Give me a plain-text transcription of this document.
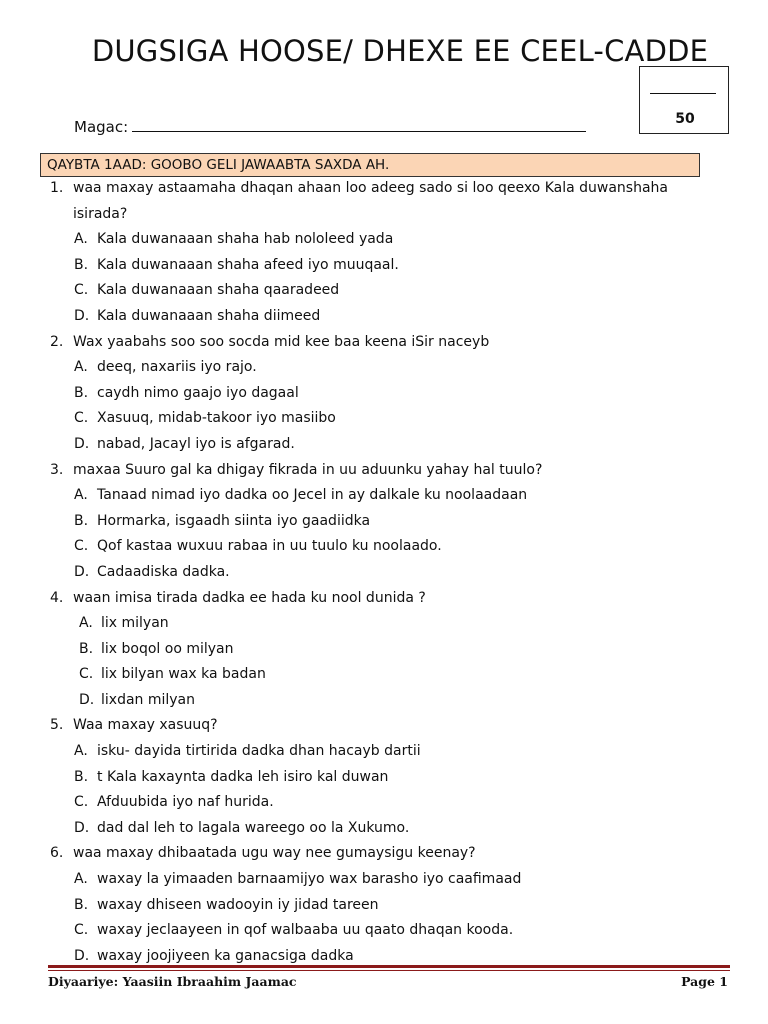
DUGSIGA HOOSE/ DHEXE EE CEEL-CADDE
50
Magac:
QAYBTA 1AAD: GOOBO GELI JAWAABTA SAXDA AH.
1. waa maxay astaamaha dhaqan ahaan loo adeeg sado si loo qeexo Kala duwanshaha isirada?
A. Kala duwanaaan shaha hab nololeed yada
B. Kala duwanaaan shaha afeed iyo muuqaal.
C. Kala duwanaaan shaha qaaradeed
D. Kala duwanaaan shaha diimeed
2. Wax yaabahs soo soo socda mid kee baa keena iSir naceyb
A. deeq, naxariis iyo rajo.
B. caydh nimo gaajo iyo dagaal
C. Xasuuq, midab-takoor iyo masiibo
D. nabad, Jacayl iyo is afgarad.
3. maxaa Suuro gal ka dhigay fikrada in uu aduunku yahay hal tuulo?
A. Tanaad nimad iyo dadka oo Jecel in ay dalkale ku noolaadaan
B. Hormarka, isgaadh siinta iyo gaadiidka
C. Qof kastaa wuxuu rabaa in uu tuulo ku noolaado.
D. Cadaadiska dadka.
4. waan imisa tirada dadka ee hada ku nool dunida ?
A. lix milyan
B. lix boqol oo milyan
C. lix bilyan wax ka badan
D. lixdan milyan
5. Waa maxay xasuuq?
A. isku- dayida tirtirida dadka dhan hacayb dartii
B. t Kala kaxaynta dadka leh isiro kal duwan
C. Afduubida iyo naf hurida.
D. dad dal leh to lagala wareego oo la Xukumo.
6. waa maxay dhibaatada ugu way nee gumaysigu keenay?
A. waxay la yimaaden barnaamijyo wax barasho iyo caafimaad
B. waxay dhiseen wadooyin iy jidad tareen
C. waxay jeclaayeen in qof walbaaba uu qaato dhaqan kooda.
D. waxay joojiyeen ka ganacsiga dadka
Diyaariye: Yaasiin Ibraahim Jaamac	Page 1
